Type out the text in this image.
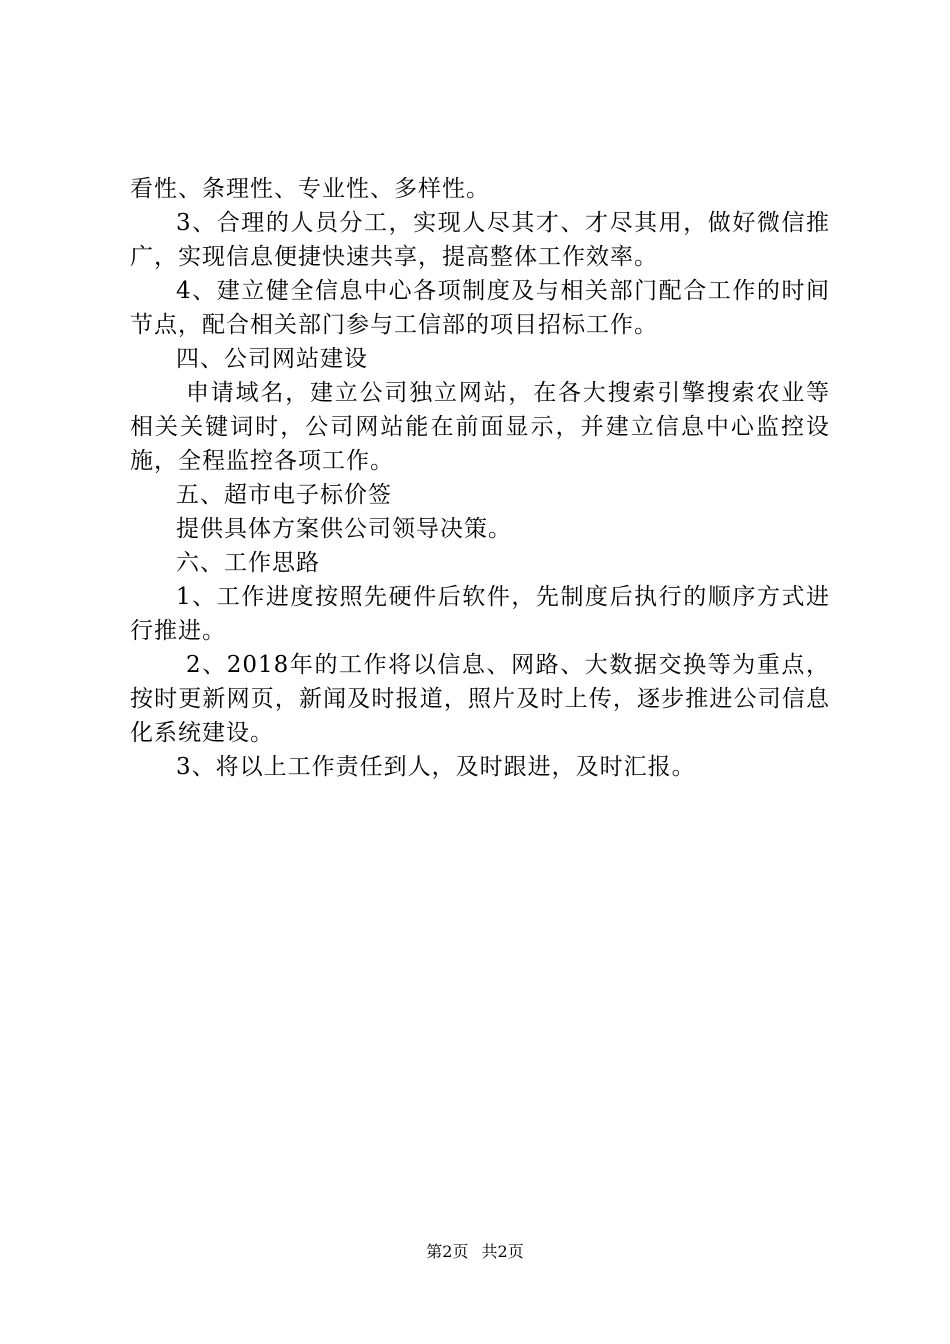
看性、条理性、专业性、多样性。

3、合理的人员分工，实现人尽其才、才尽其用，做好微信推广，实现信息便捷快速共享，提高整体工作效率。

4、建立健全信息中心各项制度及与相关部门配合工作的时间节点，配合相关部门参与工信部的项目招标工作。

四、公司网站建设

申请域名，建立公司独立网站，在各大搜索引擎搜索农业等相关关键词时，公司网站能在前面显示，并建立信息中心监控设施，全程监控各项工作。

五、超市电子标价签

提供具体方案供公司领导决策。

六、工作思路

1、工作进度按照先硬件后软件，先制度后执行的顺序方式进行推进。

2、2018年的工作将以信息、网路、大数据交换等为重点，按时更新网页，新闻及时报道，照片及时上传，逐步推进公司信息化系统建设。

3、将以上工作责任到人，及时跟进，及时汇报。

第2页 共2页
